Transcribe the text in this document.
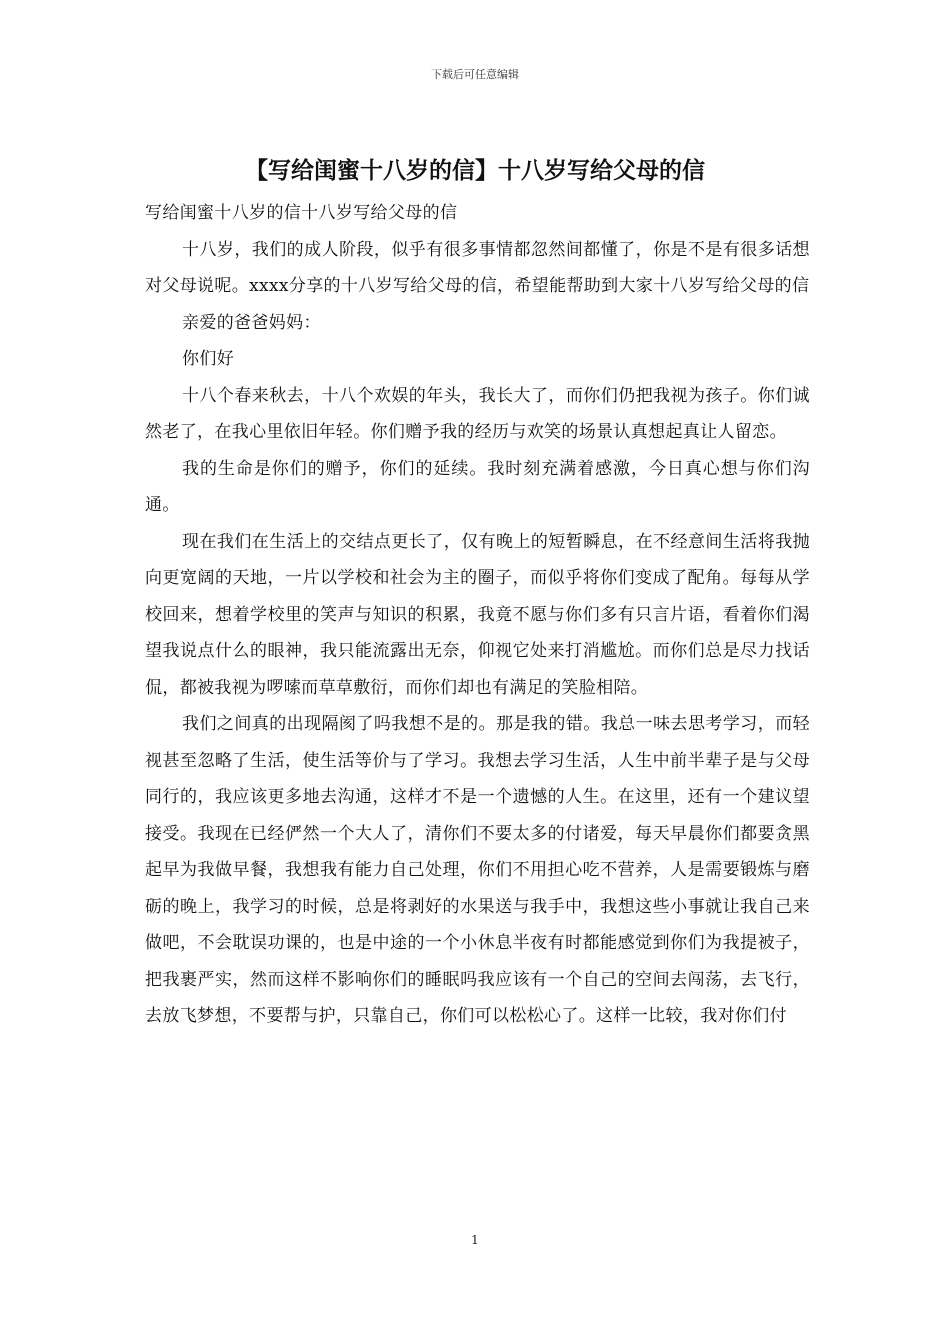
下载后可任意编辑
【写给闺蜜十八岁的信】十八岁写给父母的信

写给闺蜜十八岁的信十八岁写给父母的信

十八岁，我们的成人阶段，似乎有很多事情都忽然间都懂了，你是不是有很多话想对父母说呢。xxxx分享的十八岁写给父母的信，希望能帮助到大家十八岁写给父母的信

亲爱的爸爸妈妈：

你们好

十八个春来秋去，十八个欢娱的年头，我长大了，而你们仍把我视为孩子。你们诚然老了，在我心里依旧年轻。你们赠予我的经历与欢笑的场景认真想起真让人留恋。

我的生命是你们的赠予，你们的延续。我时刻充满着感激，今日真心想与你们沟通。

现在我们在生活上的交结点更长了，仅有晚上的短暂瞬息，在不经意间生活将我抛向更宽阔的天地，一片以学校和社会为主的圈子，而似乎将你们变成了配角。每每从学校回来，想着学校里的笑声与知识的积累，我竟不愿与你们多有只言片语，看着你们渴望我说点什么的眼神，我只能流露出无奈，仰视它处来打消尴尬。而你们总是尽力找话侃，都被我视为啰嗦而草草敷衍，而你们却也有满足的笑脸相陪。

我们之间真的出现隔阂了吗我想不是的。那是我的错。我总一味去思考学习，而轻视甚至忽略了生活，使生活等价与了学习。我想去学习生活，人生中前半辈子是与父母同行的，我应该更多地去沟通，这样才不是一个遗憾的人生。在这里，还有一个建议望接受。我现在已经俨然一个大人了，清你们不要太多的付诸爱，每天早晨你们都要贪黑起早为我做早餐，我想我有能力自己处理，你们不用担心吃不营养，人是需要锻炼与磨砺的晚上，我学习的时候，总是将剥好的水果送与我手中，我想这些小事就让我自己来做吧，不会耽误功课的，也是中途的一个小休息半夜有时都能感觉到你们为我提被子，把我裹严实，然而这样不影响你们的睡眠吗我应该有一个自己的空间去闯荡，去飞行，去放飞梦想，不要帮与护，只靠自己，你们可以松松心了。这样一比较，我对你们付

1
